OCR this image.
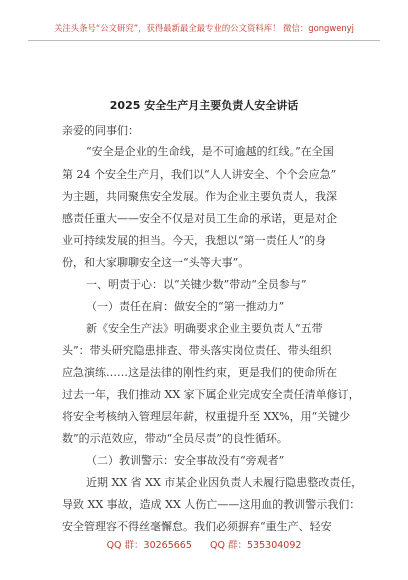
关注头条号“公文研究”，获得最新最全最专业的公文资料库！ 微信：gongwenyj
2025 安全生产月主要负责人安全讲话
亲爱的同事们：
“安全是企业的生命线，是不可逾越的红线。”在全国
第 24 个安全生产月，我们以“人人讲安全、个个会应急”
为主题，共同聚焦安全发展。作为企业主要负责人，我深
感责任重大——安全不仅是对员工生命的承诺，更是对企
业可持续发展的担当。今天，我想以“第一责任人”的身
份，和大家聊聊安全这一“头等大事”。
一、明责于心：以“关键少数”带动“全员参与”
（一）责任在肩：做安全的“第一推动力”
新《安全生产法》明确要求企业主要负责人“五带
头”：带头研究隐患排查、带头落实岗位责任、带头组织
应急演练……这是法律的刚性约束，更是我们的使命所在
过去一年，我们推动 XX 家下属企业完成安全责任清单修订，
将安全考核纳入管理层年薪，权重提升至 XX%，用“关键少
数”的示范效应，带动“全员尽责”的良性循环。
（二）教训警示：安全事故没有“旁观者”
近期 XX 省 XX 市某企业因负责人未履行隐患整改责任，
导致 XX 事故，造成 XX 人伤亡——这用血的教训警示我们：
安全管理容不得丝毫懈怠。我们必须摒弃“重生产、轻安
QQ 群：30265665 QQ 群：535304092
